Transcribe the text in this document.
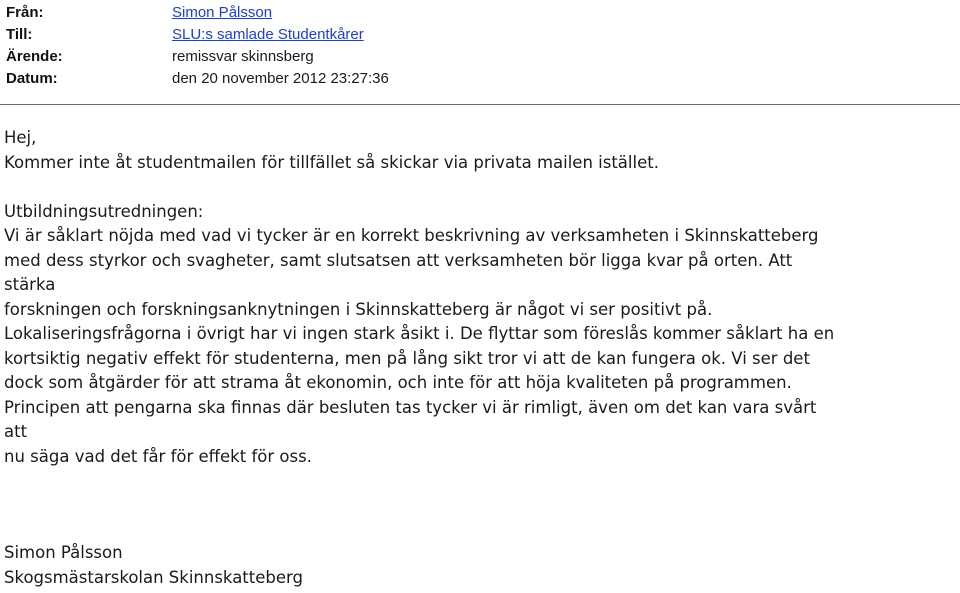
Från:	Simon Pålsson
Till:	SLU:s samlade Studentkårer
Ärende:	remissvar skinnsberg
Datum:	den 20 november 2012 23:27:36
Hej,
Kommer inte åt studentmailen för tillfället så skickar via privata mailen istället.
Utbildningsutredningen:
Vi är såklart nöjda med vad vi tycker är en korrekt beskrivning av verksamheten i Skinnskatteberg
med dess styrkor och svagheter, samt slutsatsen att verksamheten bör ligga kvar på orten. Att
stärka
forskningen och forskningsanknytningen i Skinnskatteberg är något vi ser positivt på.
Lokaliseringsfrågorna i övrigt har vi ingen stark åsikt i. De flyttar som föreslås kommer såklart ha en
kortsiktig negativ effekt för studenterna, men på lång sikt tror vi att de kan fungera ok. Vi ser det
dock som åtgärder för att strama åt ekonomin, och inte för att höja kvaliteten på programmen.
Principen att pengarna ska finnas där besluten tas tycker vi är rimligt, även om det kan vara svårt
att
nu säga vad det får för effekt för oss.
Simon Pålsson
Skogsmästarskolan Skinnskatteberg
